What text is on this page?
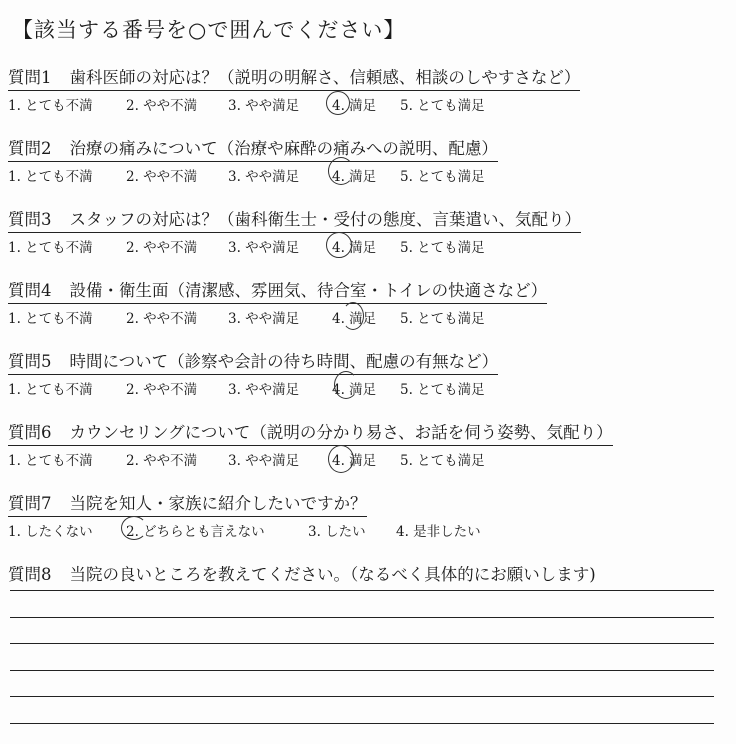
【該当する番号を○で囲んでください】
質問1 歯科医師の対応は？（説明の明解さ、信頼感、相談のしやすさなど）
1. とても不満 2. やや不満 3. やや満足 4. 満足 5. とても満足
質問2 治療の痛みについて（治療や麻酔の痛みへの説明、配慮）
1. とても不満 2. やや不満 3. やや満足 4. 満足 5. とても満足
質問3 スタッフの対応は？（歯科衛生士・受付の態度、言葉遣い、気配り）
1. とても不満 2. やや不満 3. やや満足 4. 満足 5. とても満足
質問4 設備・衛生面（清潔感、雰囲気、待合室・トイレの快適さなど）
1. とても不満 2. やや不満 3. やや満足 4. 満足 5. とても満足
質問5 時間について（診察や会計の待ち時間、配慮の有無など）
1. とても不満 2. やや不満 3. やや満足 4. 満足 5. とても満足
質問6 カウンセリングについて（説明の分かり易さ、お話を伺う姿勢、気配り）
1. とても不満 2. やや不満 3. やや満足 4. 満足 5. とても満足
質問7 当院を知人・家族に紹介したいですか？
1. したくない 2. どちらとも言えない	3. したい 4. 是非したい
質問8 当院の良いところを教えてください。（なるべく具体的にお願いします)
